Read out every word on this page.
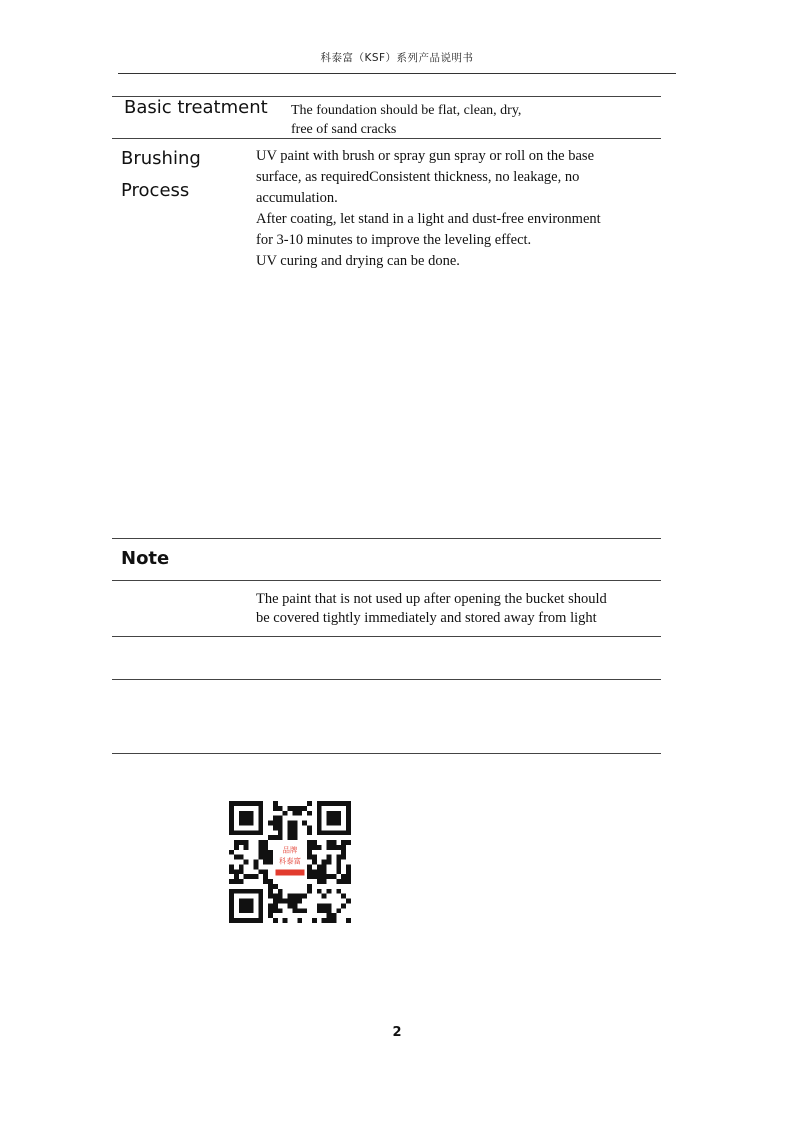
科泰富（KSF）系列产品说明书
Basic treatment The foundation should be flat, clean, dry,
free of sand cracks
Brushing
Process
UV paint with brush or spray gun spray or roll on the base
surface, as requiredConsistent thickness, no leakage, no
accumulation.
After coating, let stand in a light and dust-free environment
for 3-10 minutes to improve the leveling effect.
UV curing and drying can be done.
Note
The paint that is not used up after opening the bucket should
be covered tightly immediately and stored away from light
品牌
科泰富
2
